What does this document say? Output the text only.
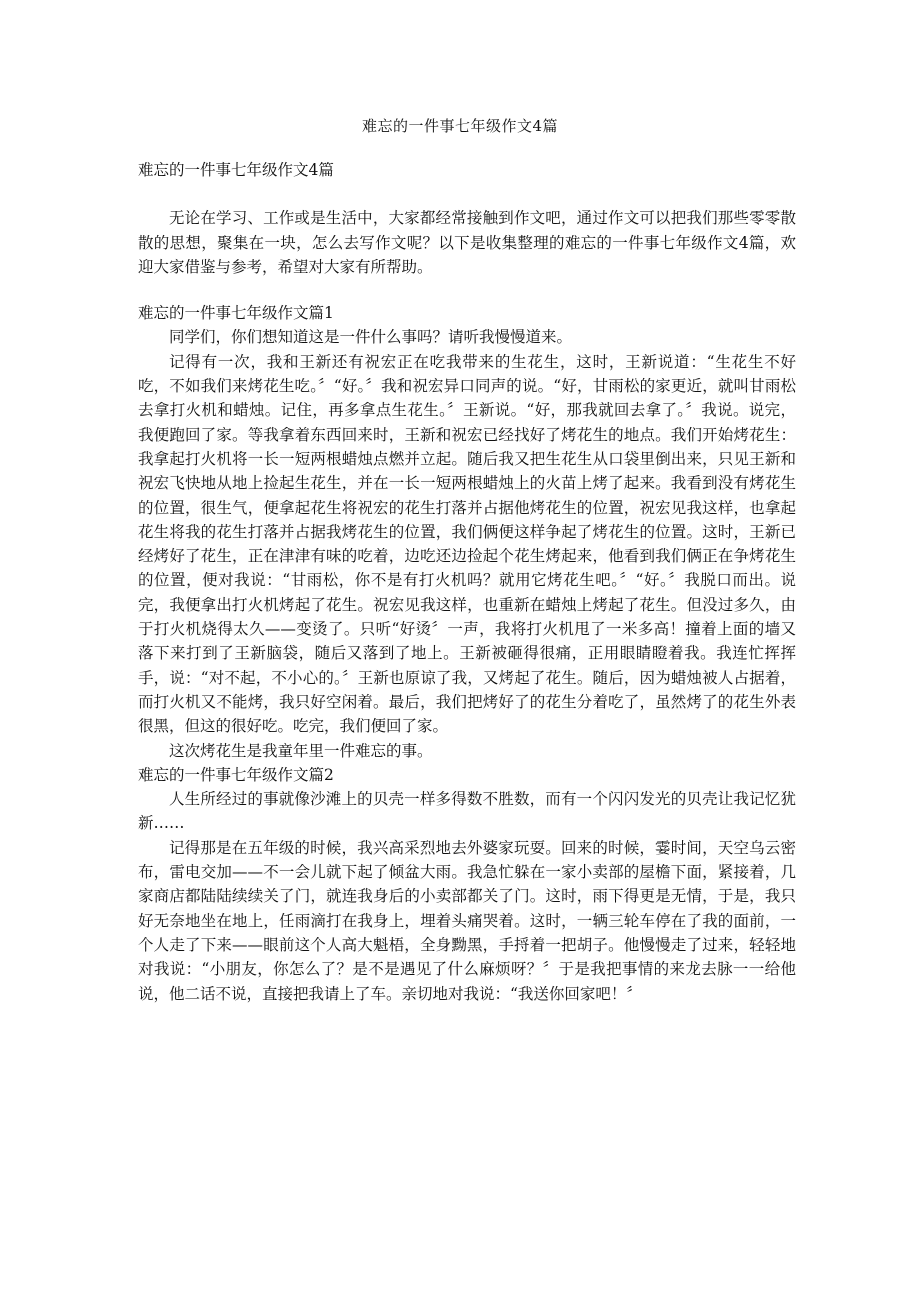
难忘的一件事七年级作文4篇

难忘的一件事七年级作文4篇

无论在学习、工作或是生活中，大家都经常接触到作文吧，通过作文可以把我们那些零零散散的思想，聚集在一块，怎么去写作文呢？以下是收集整理的难忘的一件事七年级作文4篇，欢迎大家借鉴与参考，希望对大家有所帮助。

难忘的一件事七年级作文篇1

同学们，你们想知道这是一件什么事吗？请听我慢慢道来。

记得有一次，我和王新还有祝宏正在吃我带来的生花生，这时，王新说道：“生花生不好吃，不如我们来烤花生吃。〞“好。〞我和祝宏异口同声的说。“好，甘雨松的家更近，就叫甘雨松去拿打火机和蜡烛。记住，再多拿点生花生。〞王新说。“好，那我就回去拿了。〞我说。说完，我便跑回了家。等我拿着东西回来时，王新和祝宏已经找好了烤花生的地点。我们开始烤花生：我拿起打火机将一长一短两根蜡烛点燃并立起。随后我又把生花生从口袋里倒出来，只见王新和祝宏飞快地从地上捡起生花生，并在一长一短两根蜡烛上的火苗上烤了起来。我看到没有烤花生的位置，很生气，便拿起花生将祝宏的花生打落并占据他烤花生的位置，祝宏见我这样，也拿起花生将我的花生打落并占据我烤花生的位置，我们俩便这样争起了烤花生的位置。这时，王新已经烤好了花生，正在津津有味的吃着，边吃还边捡起个花生烤起来，他看到我们俩正在争烤花生的位置，便对我说：“甘雨松，你不是有打火机吗？就用它烤花生吧。〞“好。〞我脱口而出。说完，我便拿出打火机烤起了花生。祝宏见我这样，也重新在蜡烛上烤起了花生。但没过多久，由于打火机烧得太久——变烫了。只听“好烫〞一声，我将打火机甩了一米多高！撞着上面的墙又落下来打到了王新脑袋，随后又落到了地上。王新被砸得很痛，正用眼睛瞪着我。我连忙挥挥手，说：“对不起，不小心的。〞王新也原谅了我，又烤起了花生。随后，因为蜡烛被人占据着，而打火机又不能烤，我只好空闲着。最后，我们把烤好了的花生分着吃了，虽然烤了的花生外表很黑，但这的很好吃。吃完，我们便回了家。

这次烤花生是我童年里一件难忘的事。

难忘的一件事七年级作文篇2

人生所经过的事就像沙滩上的贝壳一样多得数不胜数，而有一个闪闪发光的贝壳让我记忆犹新……

记得那是在五年级的时候，我兴高采烈地去外婆家玩耍。回来的时候，霎时间，天空乌云密布，雷电交加——不一会儿就下起了倾盆大雨。我急忙躲在一家小卖部的屋檐下面，紧接着，几家商店都陆陆续续关了门，就连我身后的小卖部都关了门。这时，雨下得更是无情，于是，我只好无奈地坐在地上，任雨滴打在我身上，埋着头痛哭着。这时，一辆三轮车停在了我的面前，一个人走了下来——眼前这个人高大魁梧，全身黝黑，手捋着一把胡子。他慢慢走了过来，轻轻地对我说：“小朋友，你怎么了？是不是遇见了什么麻烦呀？〞于是我把事情的来龙去脉一一给他说，他二话不说，直接把我请上了车。亲切地对我说：“我送你回家吧！〞
